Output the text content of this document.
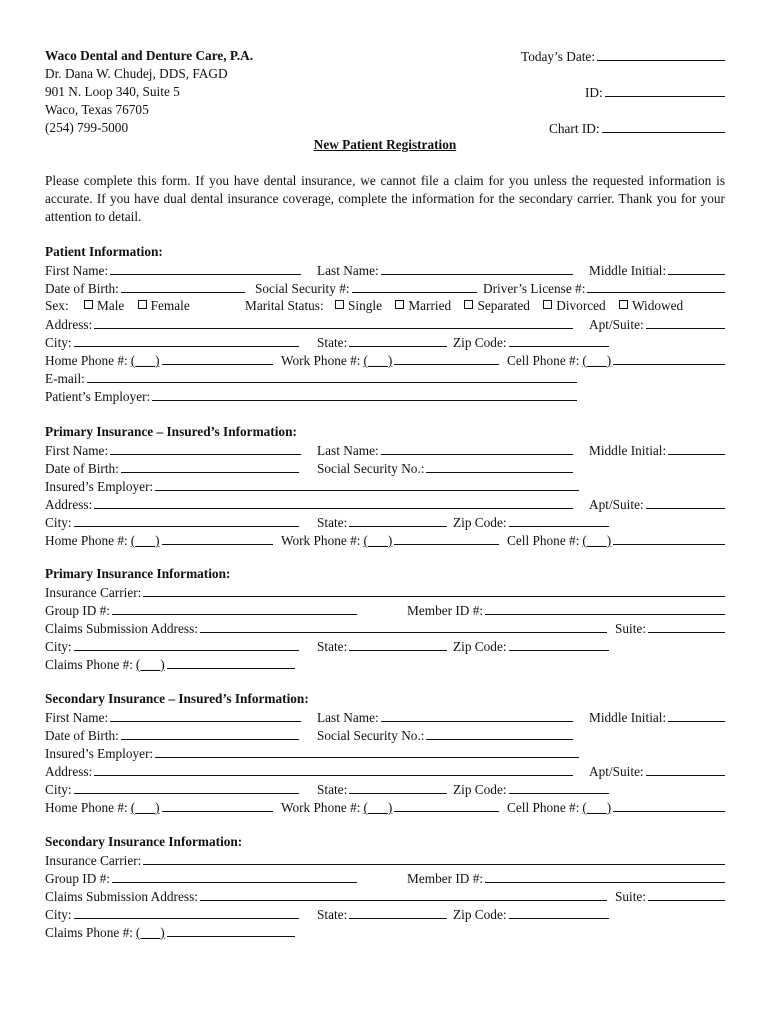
Waco Dental and Denture Care, P.A.
Dr. Dana W. Chudej, DDS, FAGD
901 N. Loop 340, Suite 5
Waco, Texas 76705
(254) 799-5000
Today’s Date:
ID:
Chart ID:
New Patient Registration
Please complete this form. If you have dental insurance, we cannot file a claim for you unless the requested information is accurate. If you have dual dental insurance coverage, complete the information for the secondary carrier. Thank you for your attention to detail.
Patient Information:
First Name:	Last Name:	Middle Initial:
Date of Birth:	Social Security #:	Driver’s License #:
Sex: Male Female	Marital Status: Single Married Separated Divorced Widowed
Address:	Apt/Suite:
City:	State:	Zip Code:
Home Phone #: (___)	Work Phone #: (___)	Cell Phone #: (___)
E-mail:
Patient’s Employer:
Primary Insurance – Insured’s Information:
First Name:	Last Name:	Middle Initial:
Date of Birth:	Social Security No.:
Insured’s Employer:
Address:	Apt/Suite:
City:	State:	Zip Code:
Home Phone #: (___)	Work Phone #: (___)	Cell Phone #: (___)
Primary Insurance Information:
Insurance Carrier:
Group ID #:	Member ID #:
Claims Submission Address:	Suite:
City:	State:	Zip Code:
Claims Phone #: (___)
Secondary Insurance – Insured’s Information:
First Name:	Last Name:	Middle Initial:
Date of Birth:	Social Security No.:
Insured’s Employer:
Address:	Apt/Suite:
City:	State:	Zip Code:
Home Phone #: (___)	Work Phone #: (___)	Cell Phone #: (___)
Secondary Insurance Information:
Insurance Carrier:
Group ID #:	Member ID #:
Claims Submission Address:	Suite:
City:	State:	Zip Code:
Claims Phone #: (___)
